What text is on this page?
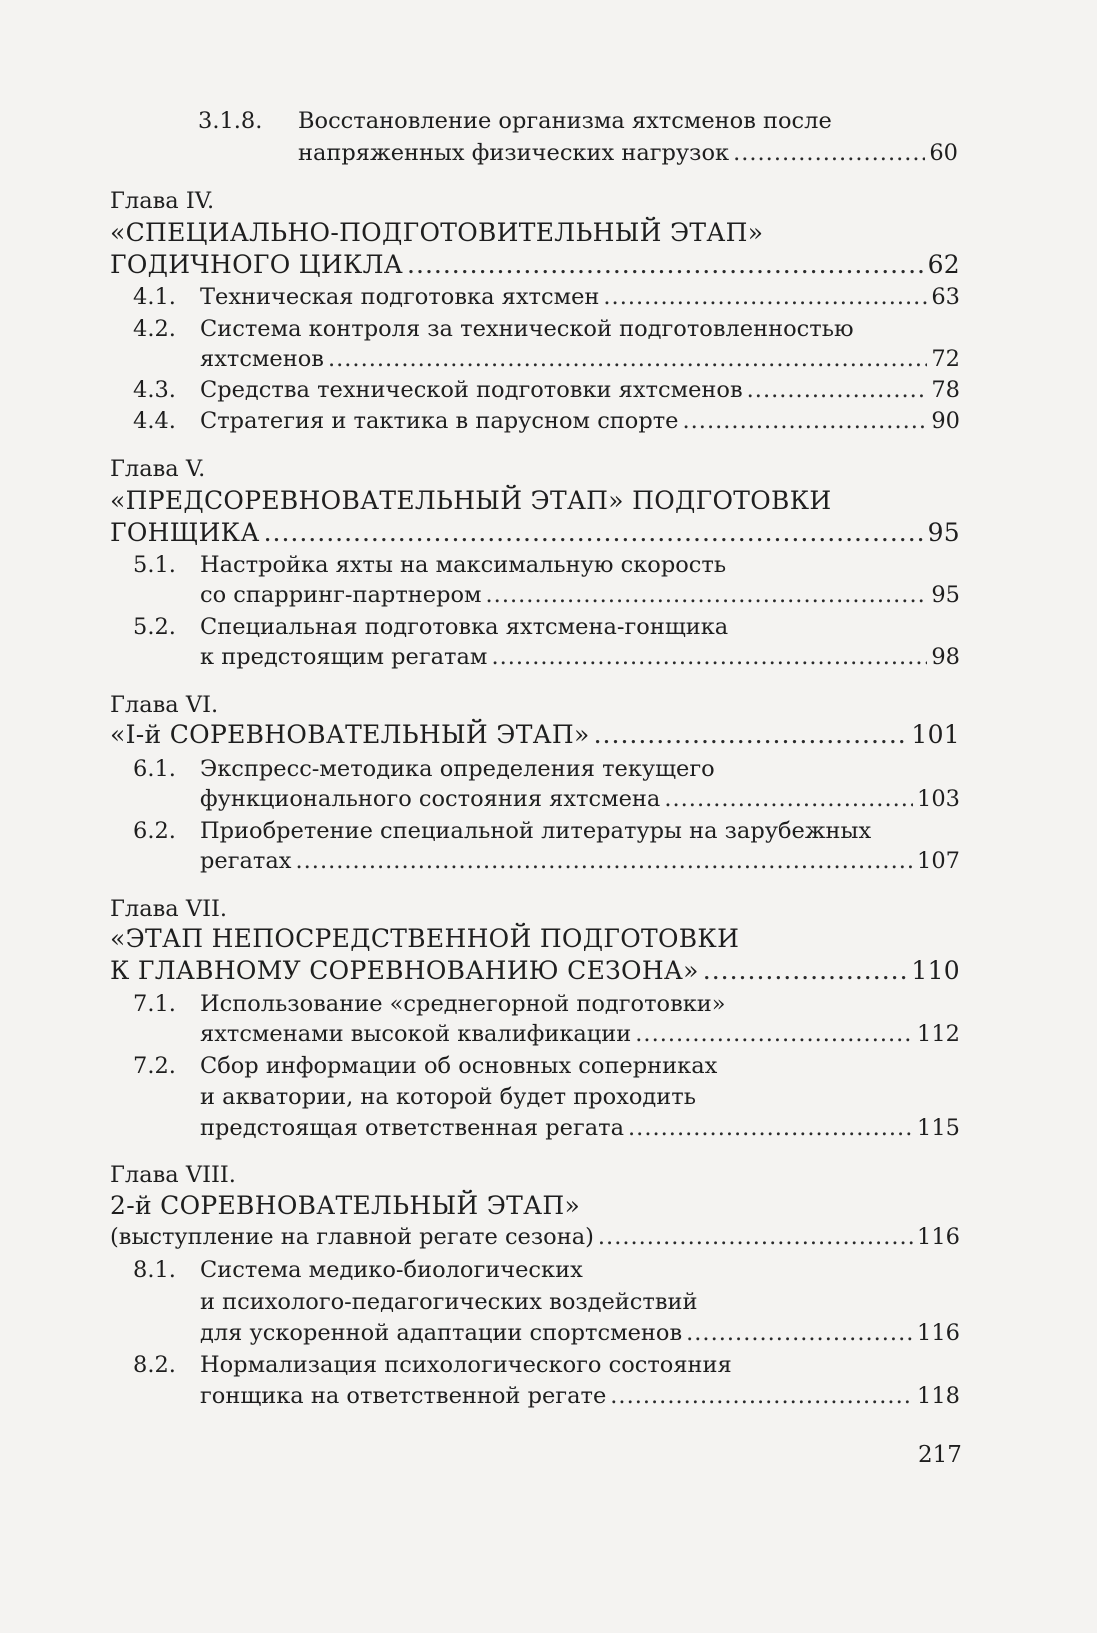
3.1.8. Восстановление организма яхтсменов после
напряженных физических нагрузок .....	60
Глава IV.
«СПЕЦИАЛЬНО-ПОДГОТОВИТЕЛЬНЫЙ ЭТАП»
ГОДИЧНОГО ЦИКЛА .....	62
4.1. Техническая подготовка яхтсмен .....	63
4.2. Система контроля за технической подготовленностью
яхтсменов .....	72
4.3. Средства технической подготовки яхтсменов .....	78
4.4. Стратегия и тактика в парусном спорте .....	90
Глава V.
«ПРЕДСОРЕВНОВАТЕЛЬНЫЙ ЭТАП» ПОДГОТОВКИ
ГОНЩИКА .....	95
5.1. Настройка яхты на максимальную скорость
со спарринг-партнером .....	95
5.2. Специальная подготовка яхтсмена-гонщика
к предстоящим регатам .....	98
Глава VI.
«I-й СОРЕВНОВАТЕЛЬНЫЙ ЭТАП» .....	101
6.1. Экспресс-методика определения текущего
функционального состояния яхтсмена .....	103
6.2. Приобретение специальной литературы на зарубежных
регатах .....	107
Глава VII.
«ЭТАП НЕПОСРЕДСТВЕННОЙ ПОДГОТОВКИ
К ГЛАВНОМУ СОРЕВНОВАНИЮ СЕЗОНА» .....	110
7.1. Использование «среднегорной подготовки»
яхтсменами высокой квалификации .....	112
7.2. Сбор информации об основных соперниках
и акватории, на которой будет проходить
предстоящая ответственная регата .....	115
Глава VIII.
2-й СОРЕВНОВАТЕЛЬНЫЙ ЭТАП»
(выступление на главной регате сезона) .....	116
8.1. Система медико-биологических
и психолого-педагогических воздействий
для ускоренной адаптации спортсменов .....	116
8.2. Нормализация психологического состояния
гонщика на ответственной регате .....	118
217
